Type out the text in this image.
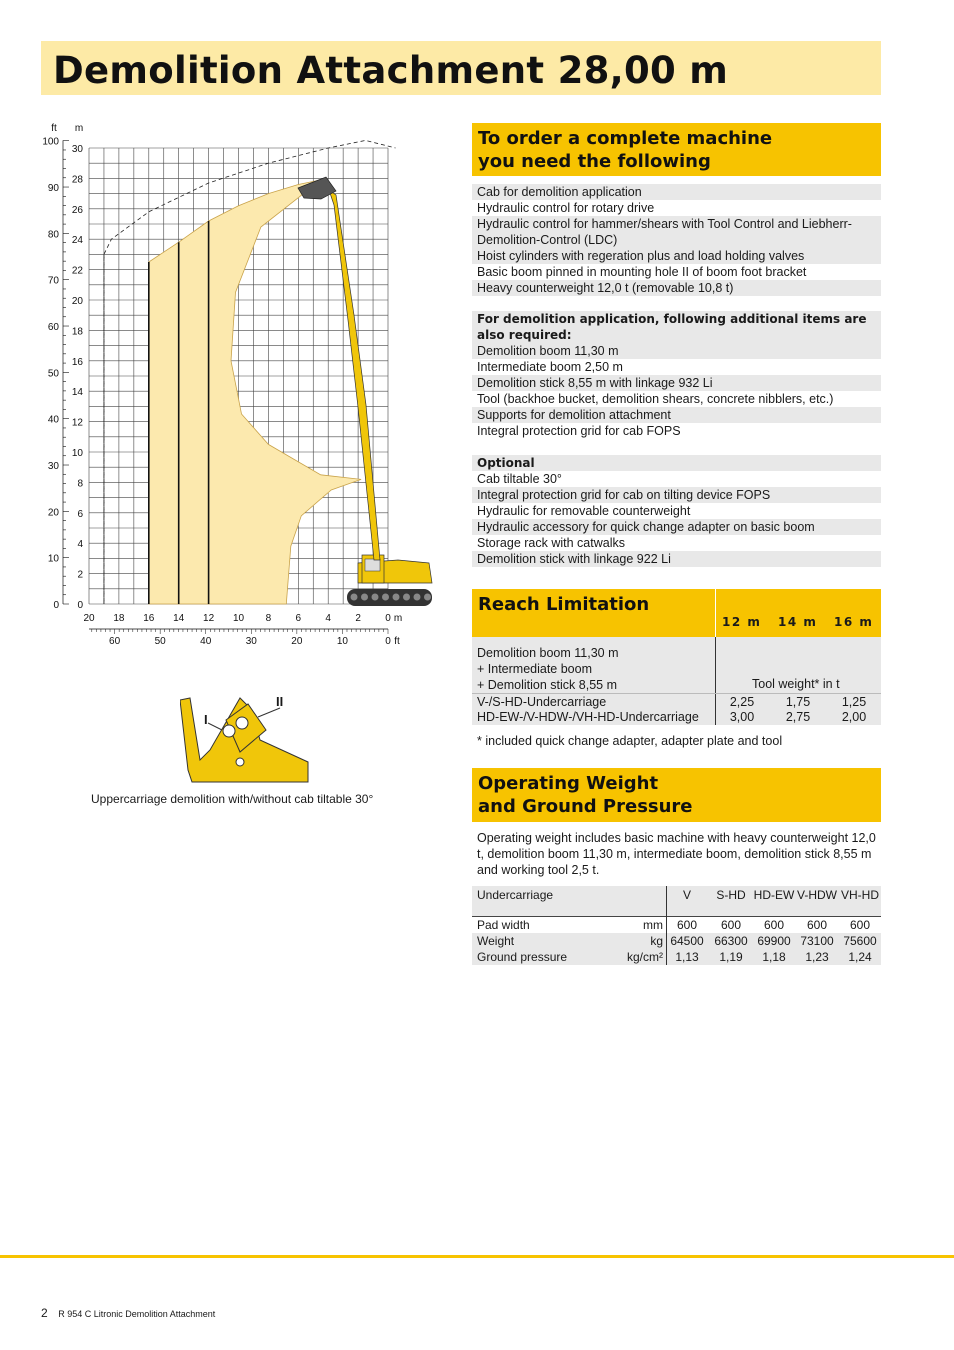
Demolition Attachment 28,00 m
ft m
0
2
4
6
8
10
12
14
16
18
20
22
24
26
28
30
0
10
20
30
40
50
60
70
80
90
100
20 18 16 14 12 10 8 6 4 2 0 m
60	50	40	30	20	10	0 ft
I
II
Uppercarriage demolition with/without cab tiltable 30°
To order a complete machine
you need the following
Cab for demolition application
Hydraulic control for rotary drive
Hydraulic control for hammer/shears with Tool Control and Liebherr-Demolition-Control (LDC)
Hoist cylinders with regeration plus and load holding valves
Basic boom pinned in mounting hole II of boom foot bracket
Heavy counterweight 12,0 t (removable 10,8 t)
For demolition application, following additional items are also required:
Demolition boom 11,30 m
Intermediate boom 2,50 m
Demolition stick 8,55 m with linkage 932 Li
Tool (backhoe bucket, demolition shears, concrete nibblers, etc.)
Supports for demolition attachment
Integral protection grid for cab FOPS
Optional
Cab tiltable 30°
Integral protection grid for cab on tilting device FOPS
Hydraulic for removable counterweight
Hydraulic accessory for quick change adapter on basic boom
Storage rack with catwalks
Demolition stick with linkage 922 Li
Reach Limitation
12 m 14 m 16 m
Demolition boom 11,30 m
+ Intermediate boom
+ Demolition stick 8,55 m	Tool weight* in t
V-/S-HD-Undercarriage	2,25	1,75	1,25
HD-EW-/V-HDW-/VH-HD-Undercarriage	3,00	2,75	2,00
* included quick change adapter, adapter plate and tool
Operating Weight
and Ground Pressure
Operating weight includes basic machine with heavy counterweight 12,0 t, demolition boom 11,30 m, intermediate boom, demolition stick 8,55 m and working tool 2,5 t.
Undercarriage	V	S-HD HD-EW V-HDW VH-HD
Pad width	mm	600	600	600	600	600
Weight	kg 64500 66300 69900 73100 75600
Ground pressure	kg/cm²	1,13	1,19	1,18	1,23	1,24
2 R 954 C Litronic Demolition Attachment
